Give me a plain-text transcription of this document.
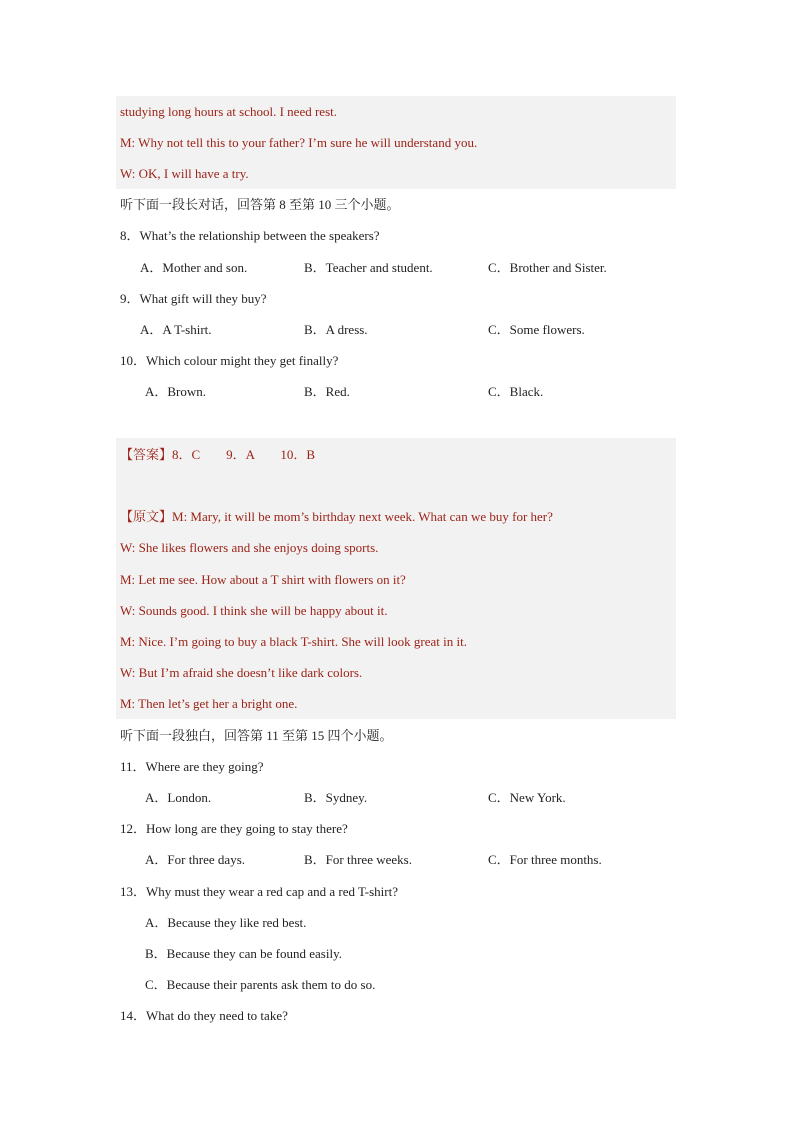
studying long hours at school. I need rest.
M: Why not tell this to your father? I’m sure he will understand you.
W: OK, I will have a try.
听下面一段长对话，回答第 8 至第 10 三个小题。
8．What’s the relationship between the speakers?
A．Mother and son.	B．Teacher and student.	C．Brother and Sister.
9．What gift will they buy?
A．A T-shirt.	B．A dress.	C．Some flowers.
10．Which colour might they get finally?
A．Brown.	B．Red.	C．Black.
【答案】8．C　　9．A　　10．B
【原文】M: Mary, it will be mom’s birthday next week. What can we buy for her?
W: She likes flowers and she enjoys doing sports.
M: Let me see. How about a T shirt with flowers on it?
W: Sounds good. I think she will be happy about it.
M: Nice. I’m going to buy a black T-shirt. She will look great in it.
W: But I’m afraid she doesn’t like dark colors.
M: Then let’s get her a bright one.
听下面一段独白，回答第 11 至第 15 四个小题。
11．Where are they going?
A．London.	B．Sydney.	C．New York.
12．How long are they going to stay there?
A．For three days.	B．For three weeks.	C．For three months.
13．Why must they wear a red cap and a red T-shirt?
A．Because they like red best.
B．Because they can be found easily.
C．Because their parents ask them to do so.
14．What do they need to take?
